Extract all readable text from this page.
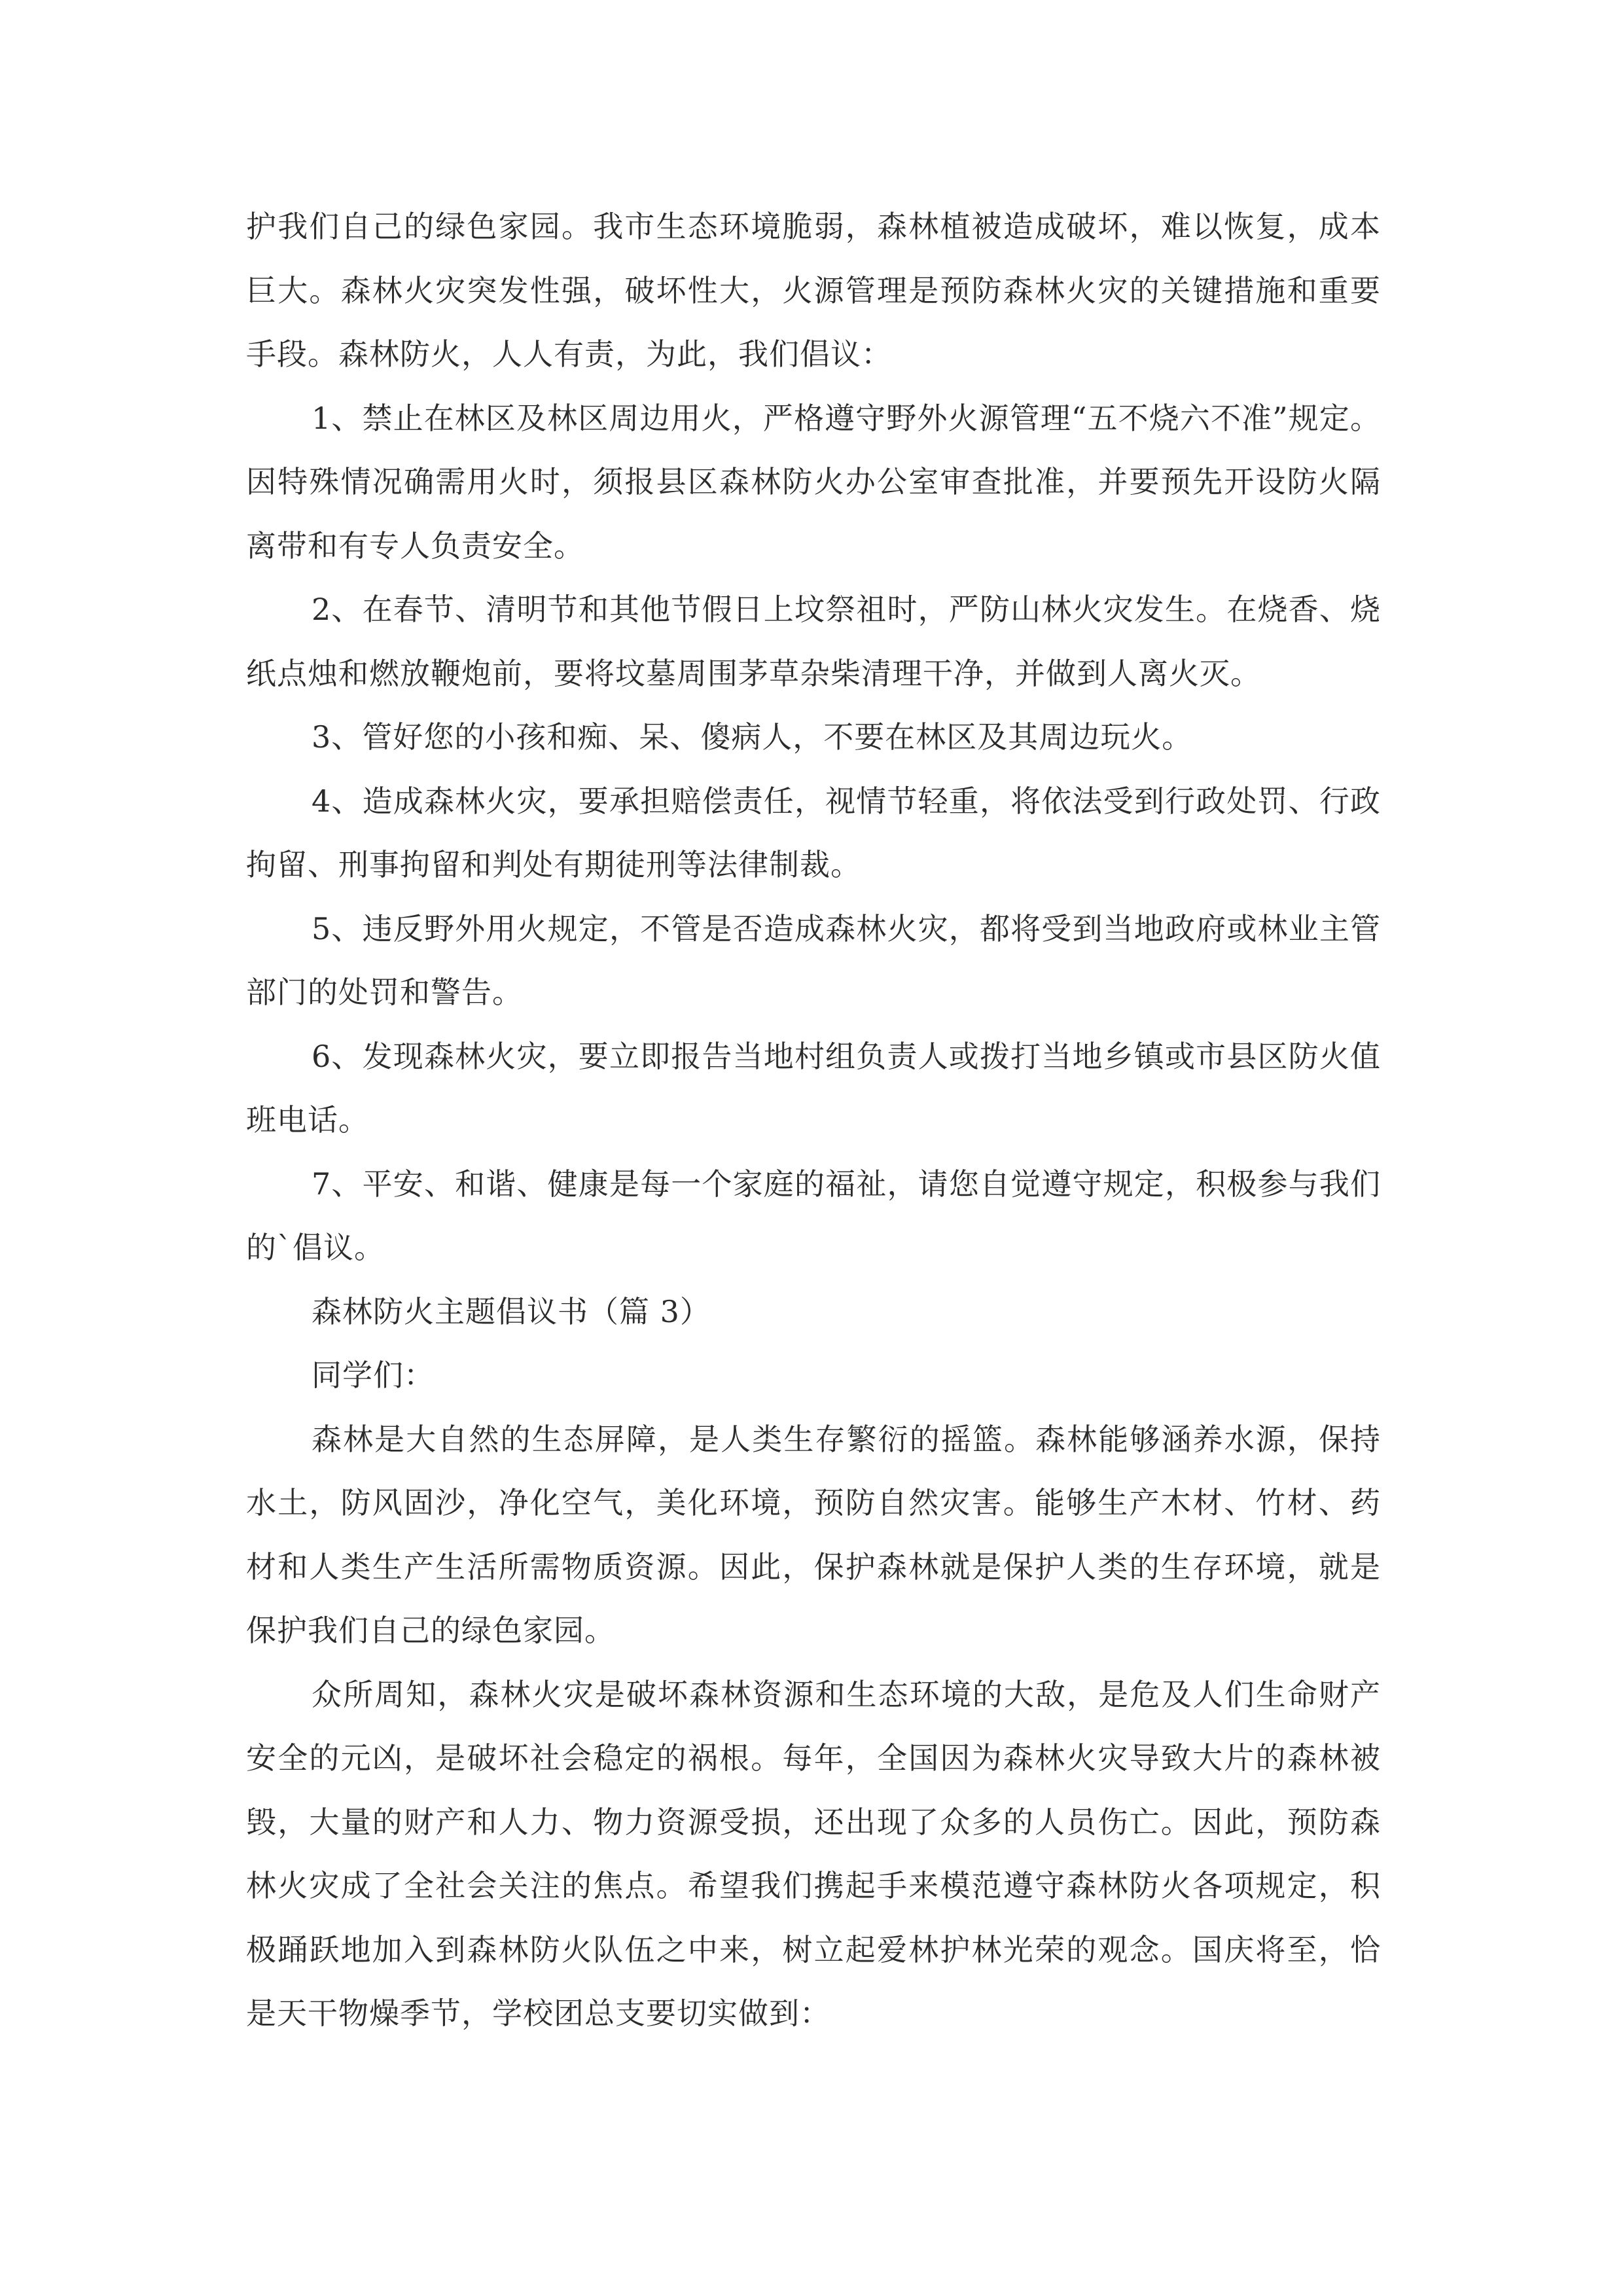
护我们自己的绿色家园。我市生态环境脆弱，森林植被造成破坏，难以恢复，成本巨大。森林火灾突发性强，破坏性大，火源管理是预防森林火灾的关键措施和重要手段。森林防火，人人有责，为此，我们倡议：

1、禁止在林区及林区周边用火，严格遵守野外火源管理“五不烧六不准”规定。因特殊情况确需用火时，须报县区森林防火办公室审查批准，并要预先开设防火隔离带和有专人负责安全。

2、在春节、清明节和其他节假日上坟祭祖时，严防山林火灾发生。在烧香、烧纸点烛和燃放鞭炮前，要将坟墓周围茅草杂柴清理干净，并做到人离火灭。

3、管好您的小孩和痴、呆、傻病人，不要在林区及其周边玩火。

4、造成森林火灾，要承担赔偿责任，视情节轻重，将依法受到行政处罚、行政拘留、刑事拘留和判处有期徒刑等法律制裁。

5、违反野外用火规定，不管是否造成森林火灾，都将受到当地政府或林业主管部门的处罚和警告。

6、发现森林火灾，要立即报告当地村组负责人或拨打当地乡镇或市县区防火值班电话。

7、平安、和谐、健康是每一个家庭的福祉，请您自觉遵守规定，积极参与我们的`倡议。

森林防火主题倡议书（篇 3）

同学们：

森林是大自然的生态屏障，是人类生存繁衍的摇篮。森林能够涵养水源，保持水土，防风固沙，净化空气，美化环境，预防自然灾害。能够生产木材、竹材、药材和人类生产生活所需物质资源。因此，保护森林就是保护人类的生存环境，就是保护我们自己的绿色家园。

众所周知，森林火灾是破坏森林资源和生态环境的大敌，是危及人们生命财产安全的元凶，是破坏社会稳定的祸根。每年，全国因为森林火灾导致大片的森林被毁，大量的财产和人力、物力资源受损，还出现了众多的人员伤亡。因此，预防森林火灾成了全社会关注的焦点。希望我们携起手来模范遵守森林防火各项规定，积极踊跃地加入到森林防火队伍之中来，树立起爱林护林光荣的观念。国庆将至，恰是天干物燥季节，学校团总支要切实做到：
